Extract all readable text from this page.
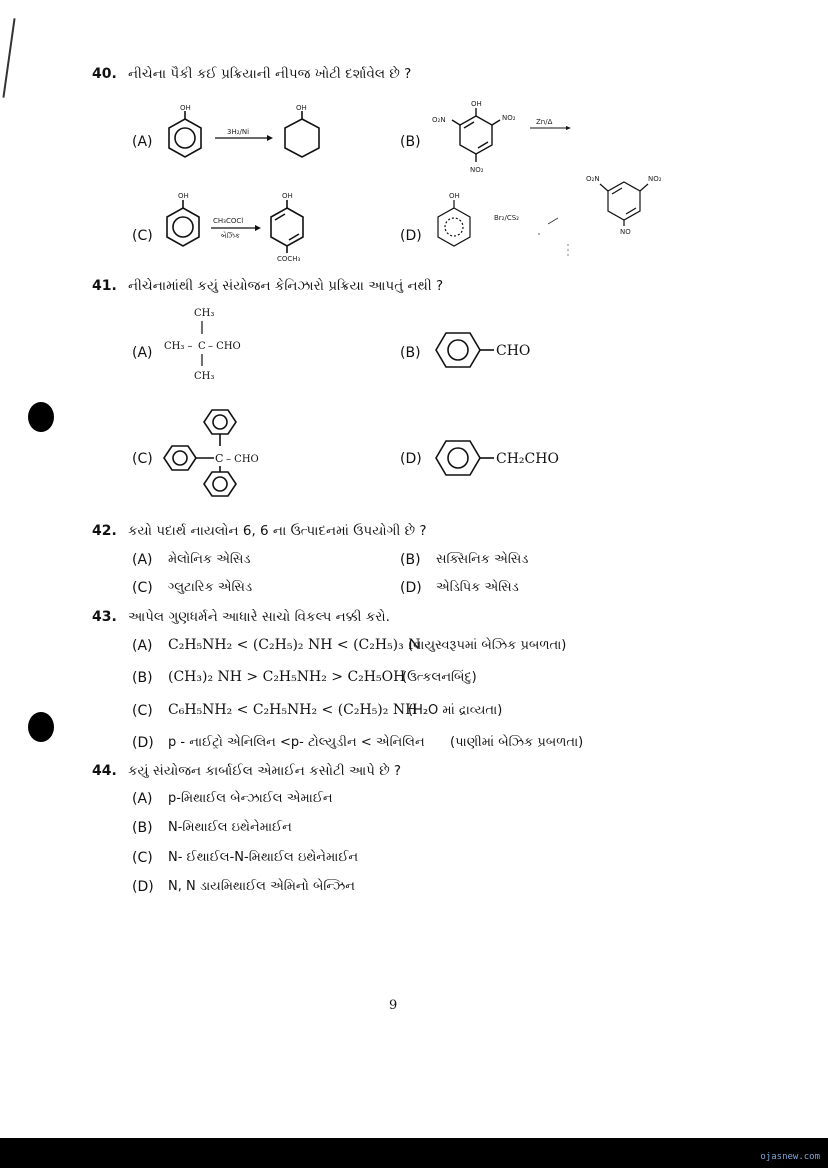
40. નીચેના પૈકી કઈ પ્રક્રિયાની નીપજ ખોટી દર્શાવેલ છે ?
(A)
OH
3H₂/Ni
OH
(B)
OH
O₂N	NO₂
NO₂
Zn/Δ
(C)
OH
CH₃COCl
બેઝિક
OH
COCH₃
(D)
OH
Br₂/CS₂
O₂N	NO₂
NO
41. નીચેનામાંથી કયું સંયોજન કેનિઝારો પ્રક્રિયા આપતું નથી ?
(A)
CH₃
CH₃ – C – CHO
CH₃
(B)	CHO
(C)	C – CHO	(D)	CH₂CHO
42. કયો પદાર્થ નાયલોન 6, 6 ના ઉત્પાદનમાં ઉપયોગી છે ?
(A) મેલોનિક એસિડ	(B) સક્સિનિક એસિડ
(C) ગ્લુટારિક એસિડ	(D) એડિપિક એસિડ
43. આપેલ ગુણધર્મને આધારે સાચો વિકલ્પ નક્કી કરો.
(A) C₂H₅NH₂ < (C₂H₅)₂ NH < (C₂H₅)₃ N
(વાયુસ્વરૂપમાં બેઝિક પ્રબળતા)
(B) (CH₃)₂ NH > C₂H₅NH₂ > C₂H₅OH
(ઉત્કલનબિંદુ)
(C) C₆H₅NH₂ < C₂H₅NH₂ < (C₂H₅)₂ NH
(H₂O માં દ્રાવ્યતા)
(D) p - નાઈટ્રો એનિલિન <p- ટોલ્યુડીન < એનિલિન (પાણીમાં બેઝિક પ્રબળતા)
44. કયું સંયોજન કાર્બાઈલ એમાઈન કસોટી આપે છે ?
(A) p-મિથાઈલ બેન્ઝાઈલ એમાઈન
(B) N-મિથાઈલ ઇથેનેમાઈન
(C) N- ઈથાઈલ-N-મિથાઈલ ઇથેનેમાઈન
(D) N, N ડાયમિથાઈલ એમિનો બેન્ઝિન
9
ojasnew.com
